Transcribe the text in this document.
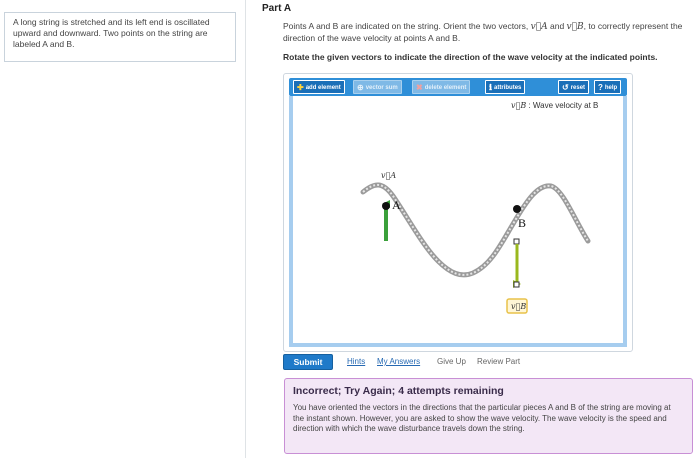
A long string is stretched and its left end is oscillated upward and downward. Two points on the string are labeled A and B.
Part A
Points A and B are indicated on the string. Orient the two vectors, v⃗A and v⃗B, to correctly represent the direction of the wave velocity at points A and B.
Rotate the given vectors to indicate the direction of the wave velocity at the indicated points.
✚ add element	⊕ vector sum	✖ delete element	ℹ attributes	↺ reset	? help
v⃗B : Wave velocity at B
v⃗A
A
B
v⃗B
Submit	Hints My Answers Give Up Review Part
Incorrect; Try Again; 4 attempts remaining
You have oriented the vectors in the directions that the particular pieces A and B of the string are moving at the instant shown. However, you are asked to show the wave velocity. The wave velocity is the speed and direction with which the wave disturbance travels down the string.
